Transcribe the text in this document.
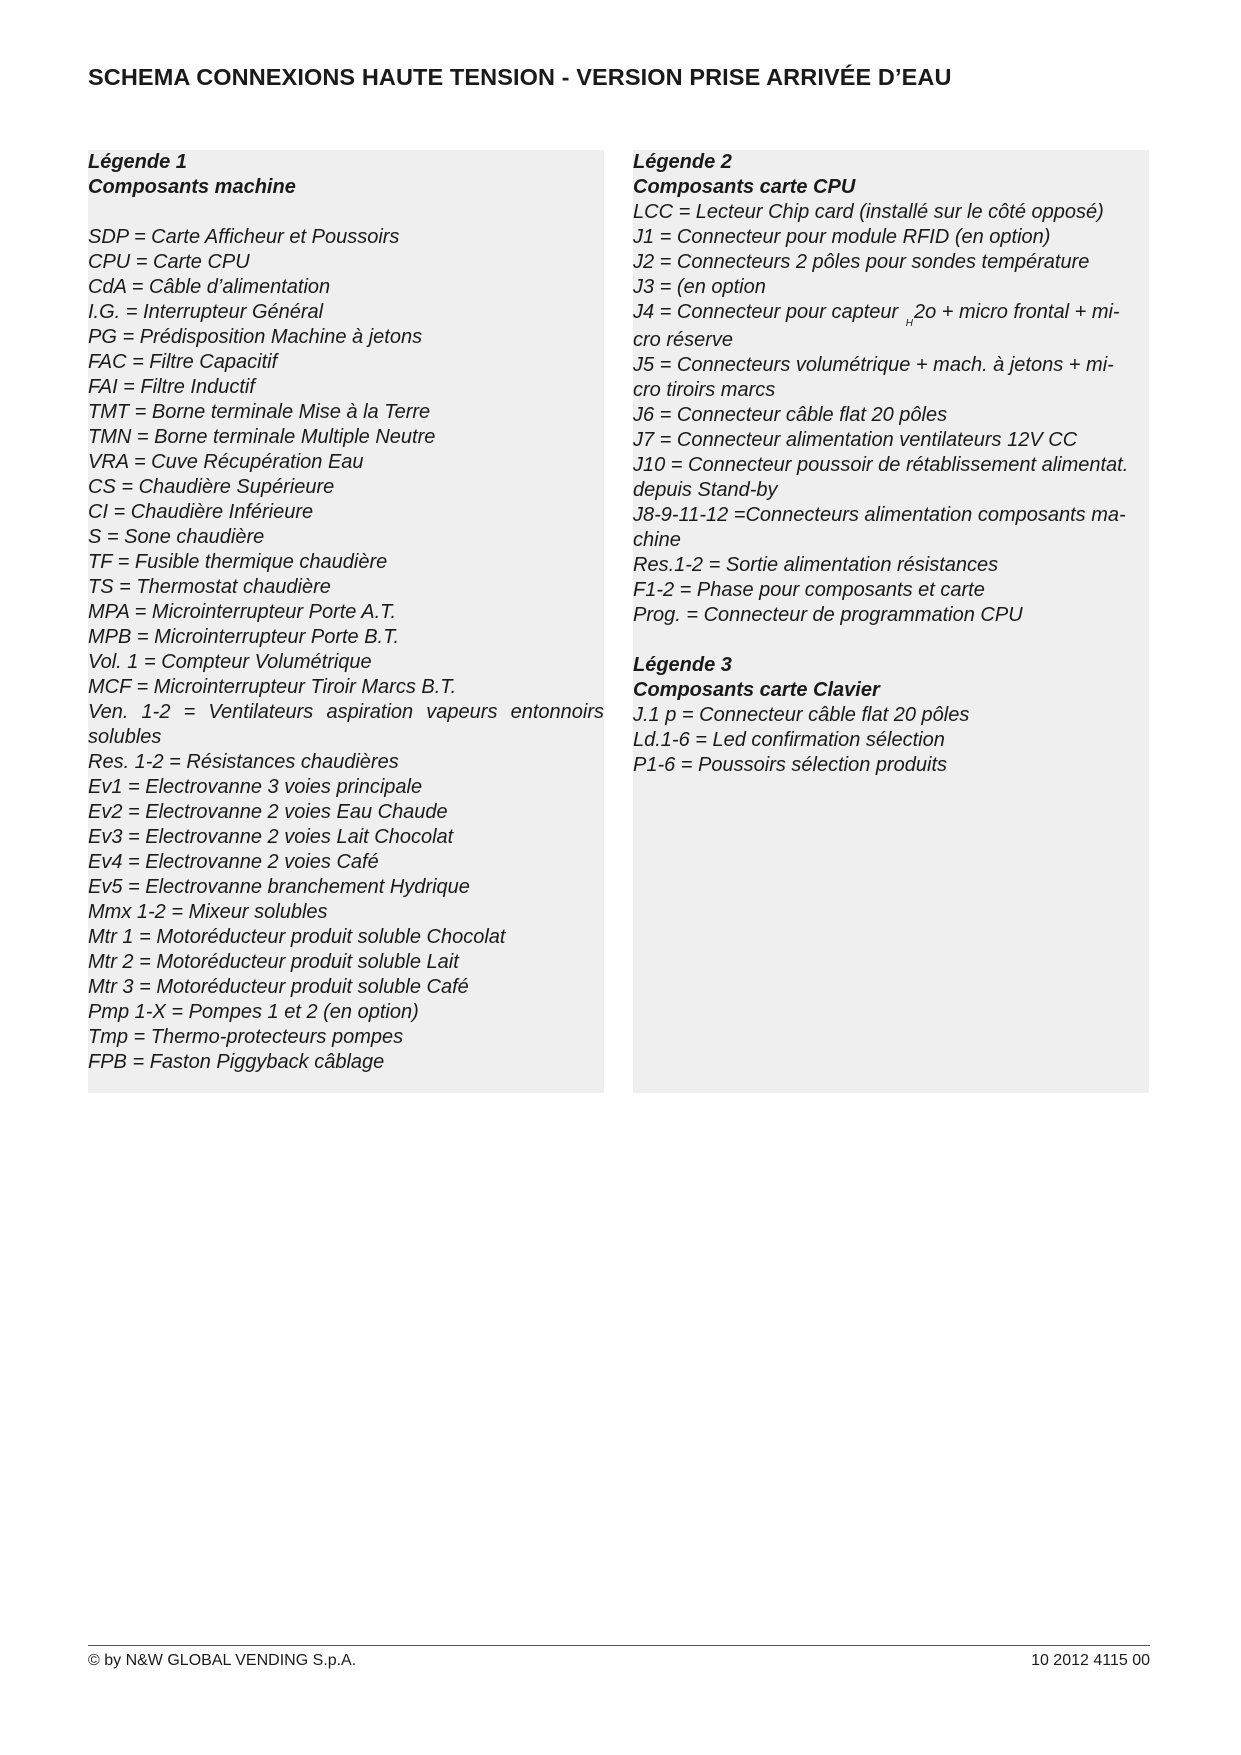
SCHEMA CONNEXIONS HAUTE TENSION - VERSION PRISE ARRIVÉE D’EAU
Légende 1
Composants machine
SDP = Carte Afficheur et Poussoirs
CPU = Carte CPU
CdA = Câble d’alimentation
I.G. = Interrupteur Général
PG = Prédisposition Machine à jetons
FAC = Filtre Capacitif
FAI = Filtre Inductif
TMT = Borne terminale Mise à la Terre
TMN = Borne terminale Multiple Neutre
VRA = Cuve Récupération Eau
CS = Chaudière Supérieure
CI = Chaudière Inférieure
S = Sone chaudière
TF = Fusible thermique chaudière
TS = Thermostat chaudière
MPA = Microinterrupteur Porte A.T.
MPB = Microinterrupteur Porte B.T.
Vol. 1 = Compteur Volumétrique
MCF = Microinterrupteur Tiroir Marcs B.T.
Ven. 1-2 = Ventilateurs aspiration vapeurs entonnoirs
solubles
Res. 1-2 = Résistances chaudières
Ev1 = Electrovanne 3 voies principale
Ev2 = Electrovanne 2 voies Eau Chaude
Ev3 = Electrovanne 2 voies Lait Chocolat
Ev4 = Electrovanne 2 voies Café
Ev5 = Electrovanne branchement Hydrique
Mmx 1-2 = Mixeur solubles
Mtr 1 = Motoréducteur produit soluble Chocolat
Mtr 2 = Motoréducteur produit soluble Lait
Mtr 3 = Motoréducteur produit soluble Café
Pmp 1-X = Pompes 1 et 2 (en option)
Tmp = Thermo-protecteurs pompes
FPB = Faston Piggyback câblage
Légende 2
Composants carte CPU
LCC = Lecteur Chip card (installé sur le côté opposé)
J1 = Connecteur pour module RFID (en option)
J2 = Connecteurs 2 pôles pour sondes température
J3 = (en option
J4 = Connecteur pour capteur $_H$2o + micro frontal + mi-
cro réserve
J5 = Connecteurs volumétrique + mach. à jetons + mi-
cro tiroirs marcs
J6 = Connecteur câble flat 20 pôles
J7 = Connecteur alimentation ventilateurs 12V CC
J10 = Connecteur poussoir de rétablissement alimentat.
depuis Stand-by
J8-9-11-12 =Connecteurs alimentation composants ma-
chine
Res.1-2 = Sortie alimentation résistances
F1-2 = Phase pour composants et carte
Prog. = Connecteur de programmation CPU
Légende 3
Composants carte Clavier
J.1 p = Connecteur câble flat 20 pôles
Ld.1-6 = Led confirmation sélection
P1-6 = Poussoirs sélection produits
© by N&W GLOBAL VENDING S.p.A.	10 2012 4115 00
